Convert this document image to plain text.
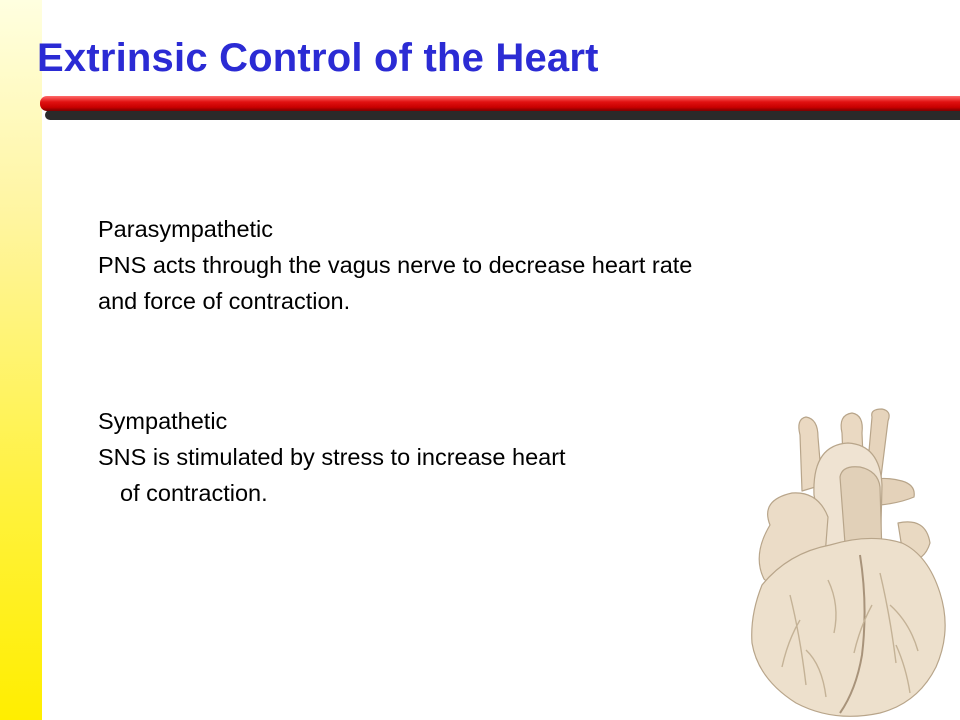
Extrinsic Control of the Heart
Parasympathetic
PNS acts through the vagus nerve to decrease heart rate
and force of contraction.
Sympathetic
SNS is stimulated by stress to increase heart
of contraction.
